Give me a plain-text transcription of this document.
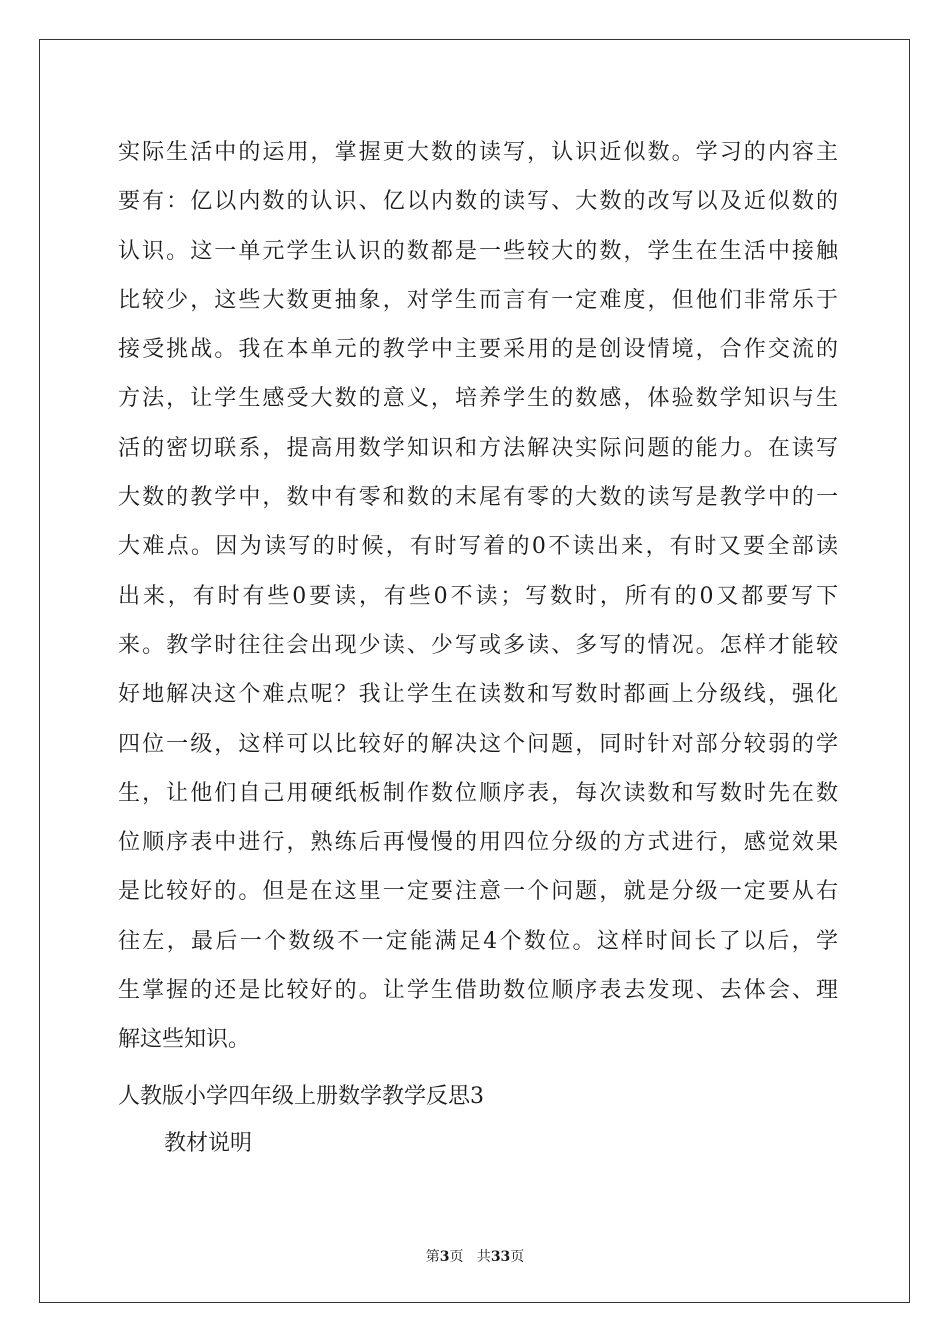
实际生活中的运用，掌握更大数的读写，认识近似数。学习的内容主
要有：亿以内数的认识、亿以内数的读写、大数的改写以及近似数的
认识。这一单元学生认识的数都是一些较大的数，学生在生活中接触
比较少，这些大数更抽象，对学生而言有一定难度，但他们非常乐于
接受挑战。我在本单元的教学中主要采用的是创设情境，合作交流的
方法，让学生感受大数的意义，培养学生的数感，体验数学知识与生
活的密切联系，提高用数学知识和方法解决实际问题的能力。在读写
大数的教学中，数中有零和数的末尾有零的大数的读写是教学中的一
大难点。因为读写的时候，有时写着的0不读出来，有时又要全部读
出来，有时有些0要读，有些0不读；写数时，所有的0又都要写下
来。教学时往往会出现少读、少写或多读、多写的情况。怎样才能较
好地解决这个难点呢？我让学生在读数和写数时都画上分级线，强化
四位一级，这样可以比较好的解决这个问题，同时针对部分较弱的学
生，让他们自己用硬纸板制作数位顺序表，每次读数和写数时先在数
位顺序表中进行，熟练后再慢慢的用四位分级的方式进行，感觉效果
是比较好的。但是在这里一定要注意一个问题，就是分级一定要从右
往左，最后一个数级不一定能满足4个数位。这样时间长了以后，学
生掌握的还是比较好的。让学生借助数位顺序表去发现、去体会、理
解这些知识。
人教版小学四年级上册数学教学反思3
教材说明
第3页 共33页
